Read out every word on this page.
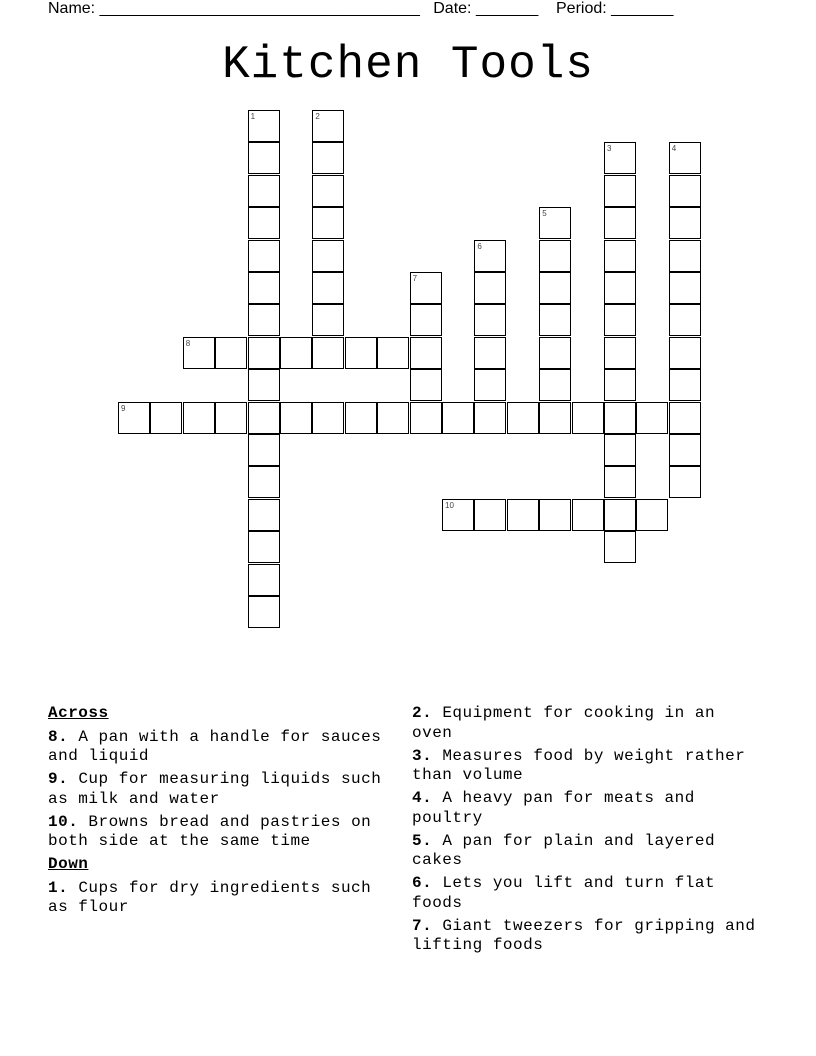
Name: ____________________________________   Date: _______    Period: _______
Kitchen Tools
1	2
3	4
5
6
7
8
9
10
Across
8. A pan with a handle for sauces and liquid
9. Cup for measuring liquids such as milk and water
10. Browns bread and pastries on both side at the same time
Down
1. Cups for dry ingredients such as flour
2. Equipment for cooking in an oven
3. Measures food by weight rather than volume
4. A heavy pan for meats and poultry
5. A pan for plain and layered cakes
6. Lets you lift and turn flat foods
7. Giant tweezers for gripping and lifting foods
